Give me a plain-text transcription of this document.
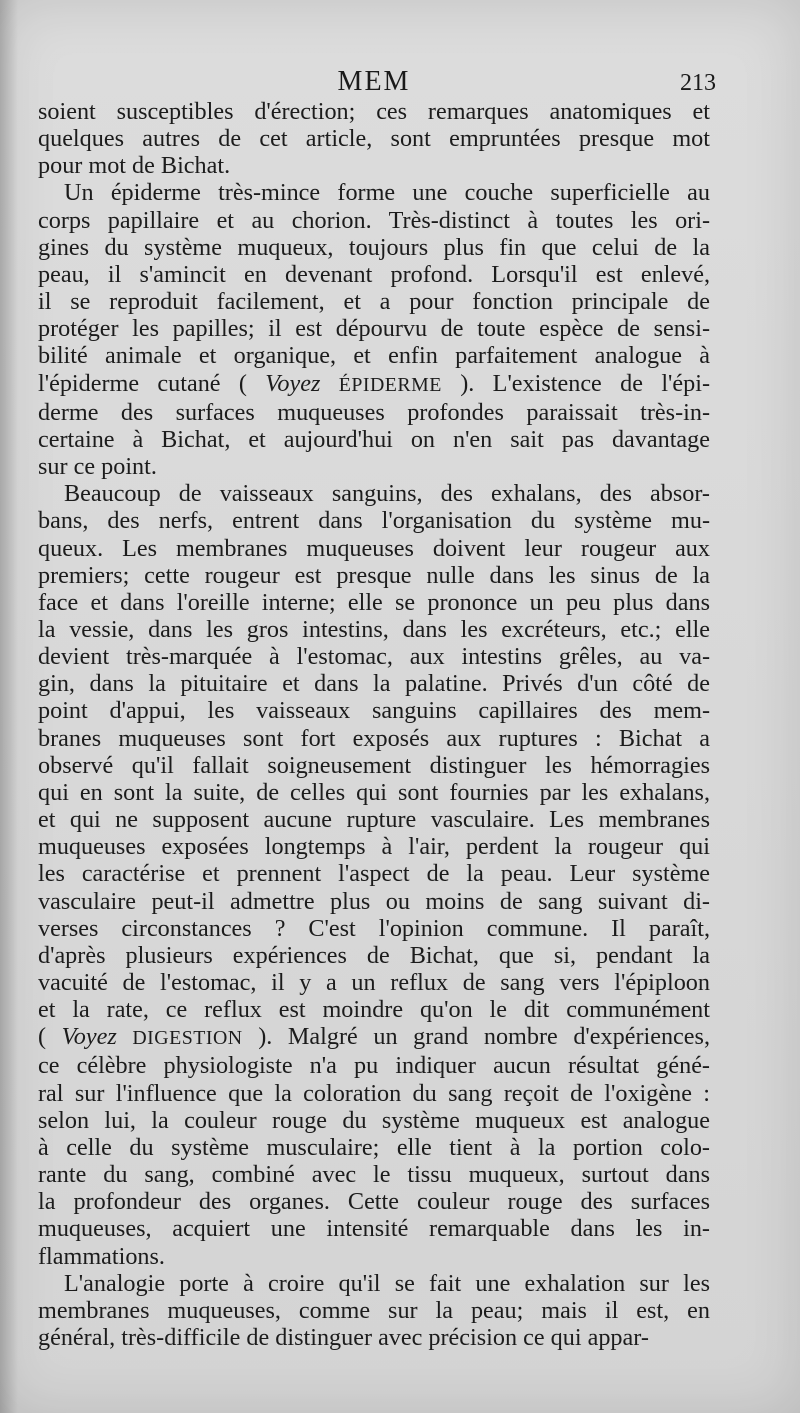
MEM	213
soient susceptibles d'érection; ces remarques anatomiques et
quelques autres de cet article, sont empruntées presque mot
pour mot de Bichat.
Un épiderme très-mince forme une couche superficielle au
corps papillaire et au chorion. Très-distinct à toutes les ori-
gines du système muqueux, toujours plus fin que celui de la
peau, il s'amincit en devenant profond. Lorsqu'il est enlevé,
il se reproduit facilement, et a pour fonction principale de
protéger les papilles; il est dépourvu de toute espèce de sensi-
bilité animale et organique, et enfin parfaitement analogue à
l'épiderme cutané ( Voyez ÉPIDERME ). L'existence de l'épi-
derme des surfaces muqueuses profondes paraissait très-in-
certaine à Bichat, et aujourd'hui on n'en sait pas davantage
sur ce point.
Beaucoup de vaisseaux sanguins, des exhalans, des absor-
bans, des nerfs, entrent dans l'organisation du système mu-
queux. Les membranes muqueuses doivent leur rougeur aux
premiers; cette rougeur est presque nulle dans les sinus de la
face et dans l'oreille interne; elle se prononce un peu plus dans
la vessie, dans les gros intestins, dans les excréteurs, etc.; elle
devient très-marquée à l'estomac, aux intestins grêles, au va-
gin, dans la pituitaire et dans la palatine. Privés d'un côté de
point d'appui, les vaisseaux sanguins capillaires des mem-
branes muqueuses sont fort exposés aux ruptures : Bichat a
observé qu'il fallait soigneusement distinguer les hémorragies
qui en sont la suite, de celles qui sont fournies par les exhalans,
et qui ne supposent aucune rupture vasculaire. Les membranes
muqueuses exposées longtemps à l'air, perdent la rougeur qui
les caractérise et prennent l'aspect de la peau. Leur système
vasculaire peut-il admettre plus ou moins de sang suivant di-
verses circonstances ? C'est l'opinion commune. Il paraît,
d'après plusieurs expériences de Bichat, que si, pendant la
vacuité de l'estomac, il y a un reflux de sang vers l'épiploon
et la rate, ce reflux est moindre qu'on le dit communément
( Voyez DIGESTION ). Malgré un grand nombre d'expériences,
ce célèbre physiologiste n'a pu indiquer aucun résultat géné-
ral sur l'influence que la coloration du sang reçoit de l'oxigène :
selon lui, la couleur rouge du système muqueux est analogue
à celle du système musculaire; elle tient à la portion colo-
rante du sang, combiné avec le tissu muqueux, surtout dans
la profondeur des organes. Cette couleur rouge des surfaces
muqueuses, acquiert une intensité remarquable dans les in-
flammations.
L'analogie porte à croire qu'il se fait une exhalation sur les
membranes muqueuses, comme sur la peau; mais il est, en
général, très-difficile de distinguer avec précision ce qui appar-
